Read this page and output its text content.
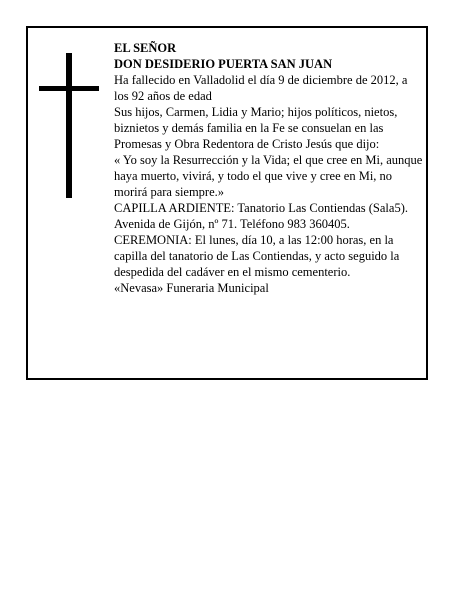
EL SEÑOR

DON DESIDERIO PUERTA SAN JUAN

Ha fallecido en Valladolid el día 9 de diciembre de 2012, a los 92 años de edad

Sus hijos, Carmen, Lidia y Mario; hijos políticos, nietos, biznietos y demás familia en la Fe se consuelan en las Promesas y Obra Redentora de Cristo Jesús que dijo:

« Yo soy la Resurrección y la Vida; el que cree en Mi, aunque haya muerto, vivirá, y todo el que vive y cree en Mi, no morirá para siempre.»

CAPILLA ARDIENTE: Tanatorio Las Contiendas (Sala5). Avenida de Gijón, nº 71. Teléfono 983 360405.

CEREMONIA: El lunes, día 10, a las 12:00 horas, en la capilla del tanatorio de Las Contiendas, y acto seguido la despedida del cadáver en el mismo cementerio.

«Nevasa» Funeraria Municipal
